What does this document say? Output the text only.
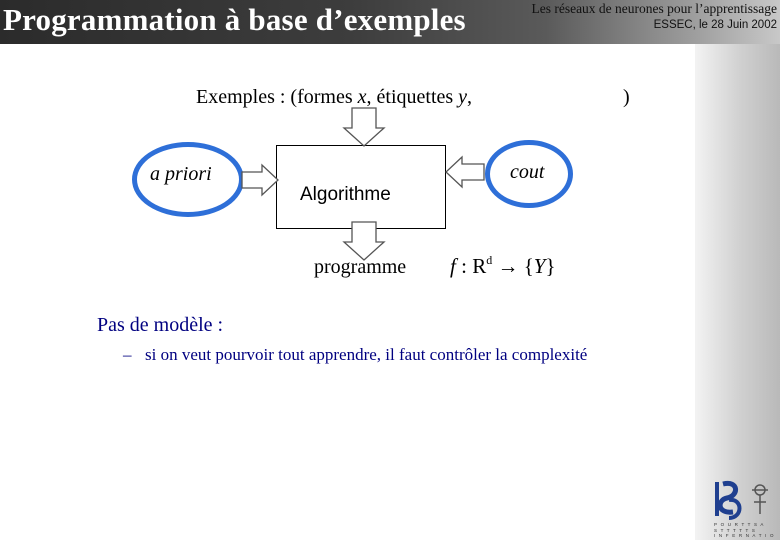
Programmation à base d’exemples	Les réseaux de neurones pour l’apprentissage
ESSEC, le 28 Juin 2002
Exemples : (formes x, étiquettes y,	)
a priori	cout
Algorithme
programme f : $R^d \to \{Y\}$
Pas de modèle :
– si on veut pourvoir tout apprendre, il faut contrôler la complexité
P O U R T T S A
S T T T T T S
I N F E R N A T I O
